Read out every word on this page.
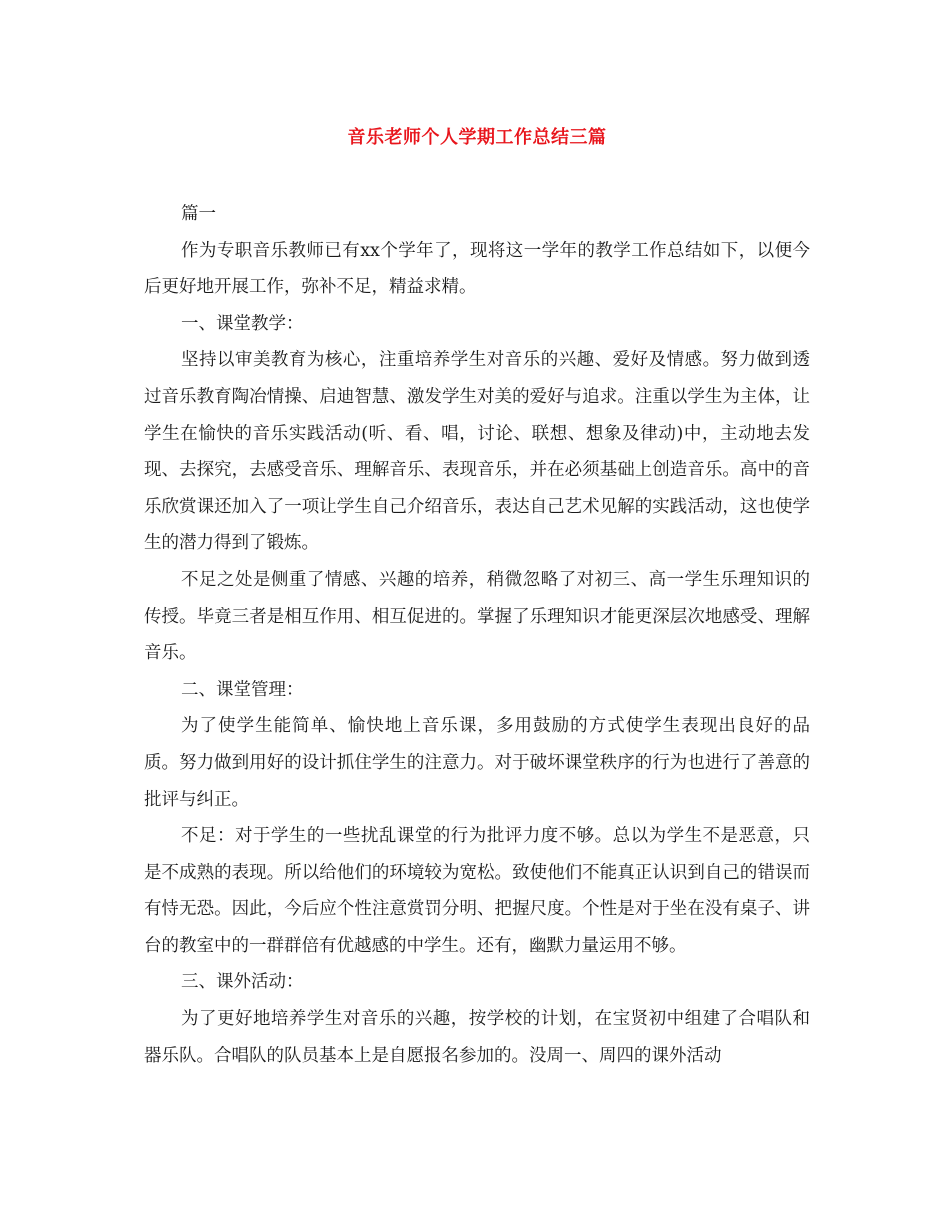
音乐老师个人学期工作总结三篇

篇一

作为专职音乐教师已有xx个学年了，现将这一学年的教学工作总结如下，以便今后更好地开展工作，弥补不足，精益求精。

一、课堂教学：

坚持以审美教育为核心，注重培养学生对音乐的兴趣、爱好及情感。努力做到透过音乐教育陶冶情操、启迪智慧、激发学生对美的爱好与追求。注重以学生为主体，让学生在愉快的音乐实践活动(听、看、唱，讨论、联想、想象及律动)中，主动地去发现、去探究，去感受音乐、理解音乐、表现音乐，并在必须基础上创造音乐。高中的音乐欣赏课还加入了一项让学生自己介绍音乐，表达自己艺术见解的实践活动，这也使学生的潜力得到了锻炼。

不足之处是侧重了情感、兴趣的培养，稍微忽略了对初三、高一学生乐理知识的传授。毕竟三者是相互作用、相互促进的。掌握了乐理知识才能更深层次地感受、理解音乐。

二、课堂管理：

为了使学生能简单、愉快地上音乐课，多用鼓励的方式使学生表现出良好的品质。努力做到用好的设计抓住学生的注意力。对于破坏课堂秩序的行为也进行了善意的批评与纠正。

不足：对于学生的一些扰乱课堂的行为批评力度不够。总以为学生不是恶意，只是不成熟的表现。所以给他们的环境较为宽松。致使他们不能真正认识到自己的错误而有恃无恐。因此，今后应个性注意赏罚分明、把握尺度。个性是对于坐在没有桌子、讲台的教室中的一群群倍有优越感的中学生。还有，幽默力量运用不够。

三、课外活动：

为了更好地培养学生对音乐的兴趣，按学校的计划，在宝贤初中组建了合唱队和器乐队。合唱队的队员基本上是自愿报名参加的。没周一、周四的课外活动
